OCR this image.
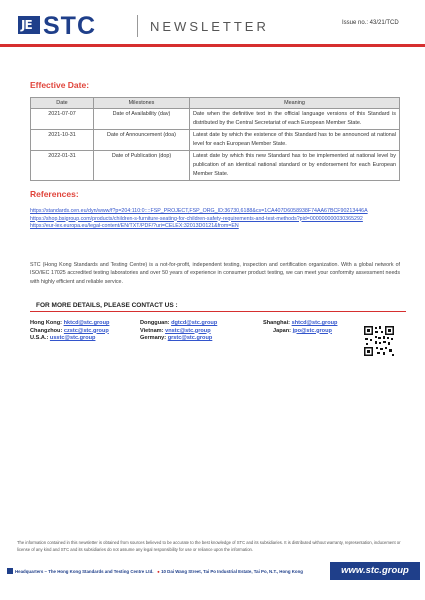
JE STC	NEWSLETTER	Issue no.: 43/21/TCD
Effective Date:
Date	Milestones	Meaning
2021-07-07	Date of Availability (dav)	Date when the definitive text in the official language versions of this Standard is distributed by the Central Secretariat of each European Member State.
2021-10-31	Date of Announcement (doa)	Latest date by which the existence of this Standard has to be announced at national level for each European Member State.
2022-01-31	Date of Publication (dop)	Latest date by which this new Standard has to be implemented at national level by publication of an identical national standard or by endorsement for each European Member State.
References:
https://standards.cen.eu/dyn/www/f?p=204:110:0::::FSP_PROJECT,FSP_ORG_ID:36730,6188&cs=1CA407D6058938F74AA67BCF90213446A
https://shop.bsigroup.com/products/children-s-furniture-seating-for-children-safety-requirements-and-test-methods?pid=000000000030365292
https://eur-lex.europa.eu/legal-content/EN/TXT/PDF/?uri=CELEX:32013D0121&from=EN
STC (Hong Kong Standards and Testing Centre) is a not-for-profit, independent testing, inspection and certification organization. With a global network of ISO/IEC 17025 accredited testing laboratories and over 50 years of experience in consumer product testing, we can meet your conformity assessment needs with highly efficient and reliable service.
FOR MORE DETAILS, PLEASE CONTACT US :
Hong Kong: hktcd@stc.group
Changzhou: czstc@stc.group
U.S.A.: usstc@stc.group
Dongguan: dgtcd@stc.group
Vietnam: vnstc@stc.group
Germany: grstc@stc.group
Shanghai: shtcd@stc.group
Japan: jpo@stc.group
The information contained in this newsletter is obtained from sources believed to be accurate to the best knowledge of STC and its subsidiaries. It is distributed without warranty, representation, inducement or license of any kind and STC and its subsidiaries do not assume any legal responsibility for use or reliance upon the information.
Headquarters – The Hong Kong Standards and Testing Centre Ltd. ● 10 Dai Wang Street, Tai Po Industrial Estate, Tai Po, N.T., Hong Kong	www.stc.group
